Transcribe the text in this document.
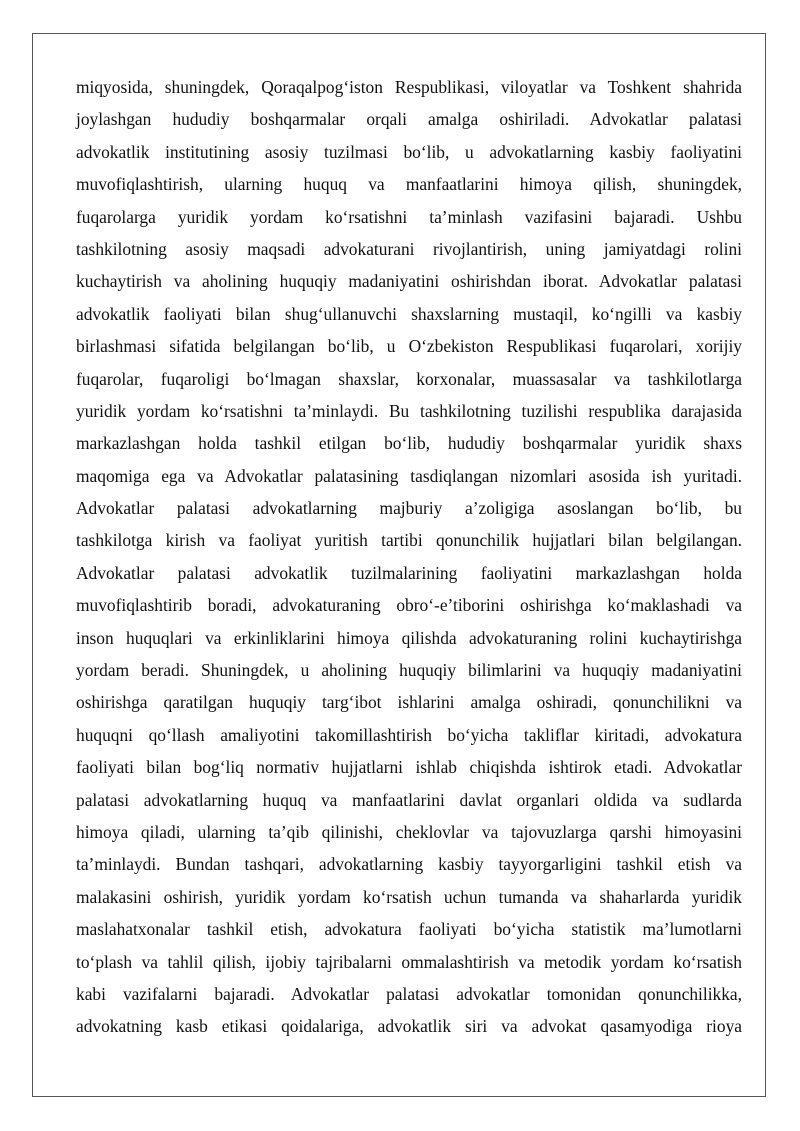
miqyosida, shuningdek, Qoraqalpog‘iston Respublikasi, viloyatlar va Toshkent shahrida
joylashgan hududiy boshqarmalar orqali amalga oshiriladi. Advokatlar palatasi
advokatlik institutining asosiy tuzilmasi bo‘lib, u advokatlarning kasbiy faoliyatini
muvofiqlashtirish, ularning huquq va manfaatlarini himoya qilish, shuningdek,
fuqarolarga yuridik yordam ko‘rsatishni ta’minlash vazifasini bajaradi. Ushbu
tashkilotning asosiy maqsadi advokaturani rivojlantirish, uning jamiyatdagi rolini
kuchaytirish va aholining huquqiy madaniyatini oshirishdan iborat. Advokatlar palatasi
advokatlik faoliyati bilan shug‘ullanuvchi shaxslarning mustaqil, ko‘ngilli va kasbiy
birlashmasi sifatida belgilangan bo‘lib, u O‘zbekiston Respublikasi fuqarolari, xorijiy
fuqarolar, fuqaroligi bo‘lmagan shaxslar, korxonalar, muassasalar va tashkilotlarga
yuridik yordam ko‘rsatishni ta’minlaydi. Bu tashkilotning tuzilishi respublika darajasida
markazlashgan holda tashkil etilgan bo‘lib, hududiy boshqarmalar yuridik shaxs
maqomiga ega va Advokatlar palatasining tasdiqlangan nizomlari asosida ish yuritadi.
Advokatlar palatasi advokatlarning majburiy a’zoligiga asoslangan bo‘lib, bu
tashkilotga kirish va faoliyat yuritish tartibi qonunchilik hujjatlari bilan belgilangan.
Advokatlar palatasi advokatlik tuzilmalarining faoliyatini markazlashgan holda
muvofiqlashtirib boradi, advokaturaning obro‘-e’tiborini oshirishga ko‘maklashadi va
inson huquqlari va erkinliklarini himoya qilishda advokaturaning rolini kuchaytirishga
yordam beradi. Shuningdek, u aholining huquqiy bilimlarini va huquqiy madaniyatini
oshirishga qaratilgan huquqiy targ‘ibot ishlarini amalga oshiradi, qonunchilikni va
huquqni qo‘llash amaliyotini takomillashtirish bo‘yicha takliflar kiritadi, advokatura
faoliyati bilan bog‘liq normativ hujjatlarni ishlab chiqishda ishtirok etadi. Advokatlar
palatasi advokatlarning huquq va manfaatlarini davlat organlari oldida va sudlarda
himoya qiladi, ularning ta’qib qilinishi, cheklovlar va tajovuzlarga qarshi himoyasini
ta’minlaydi. Bundan tashqari, advokatlarning kasbiy tayyorgarligini tashkil etish va
malakasini oshirish, yuridik yordam ko‘rsatish uchun tumanda va shaharlarda yuridik
maslahatxonalar tashkil etish, advokatura faoliyati bo‘yicha statistik ma’lumotlarni
to‘plash va tahlil qilish, ijobiy tajribalarni ommalashtirish va metodik yordam ko‘rsatish
kabi vazifalarni bajaradi. Advokatlar palatasi advokatlar tomonidan qonunchilikka,
advokatning kasb etikasi qoidalariga, advokatlik siri va advokat qasamyodiga rioya
